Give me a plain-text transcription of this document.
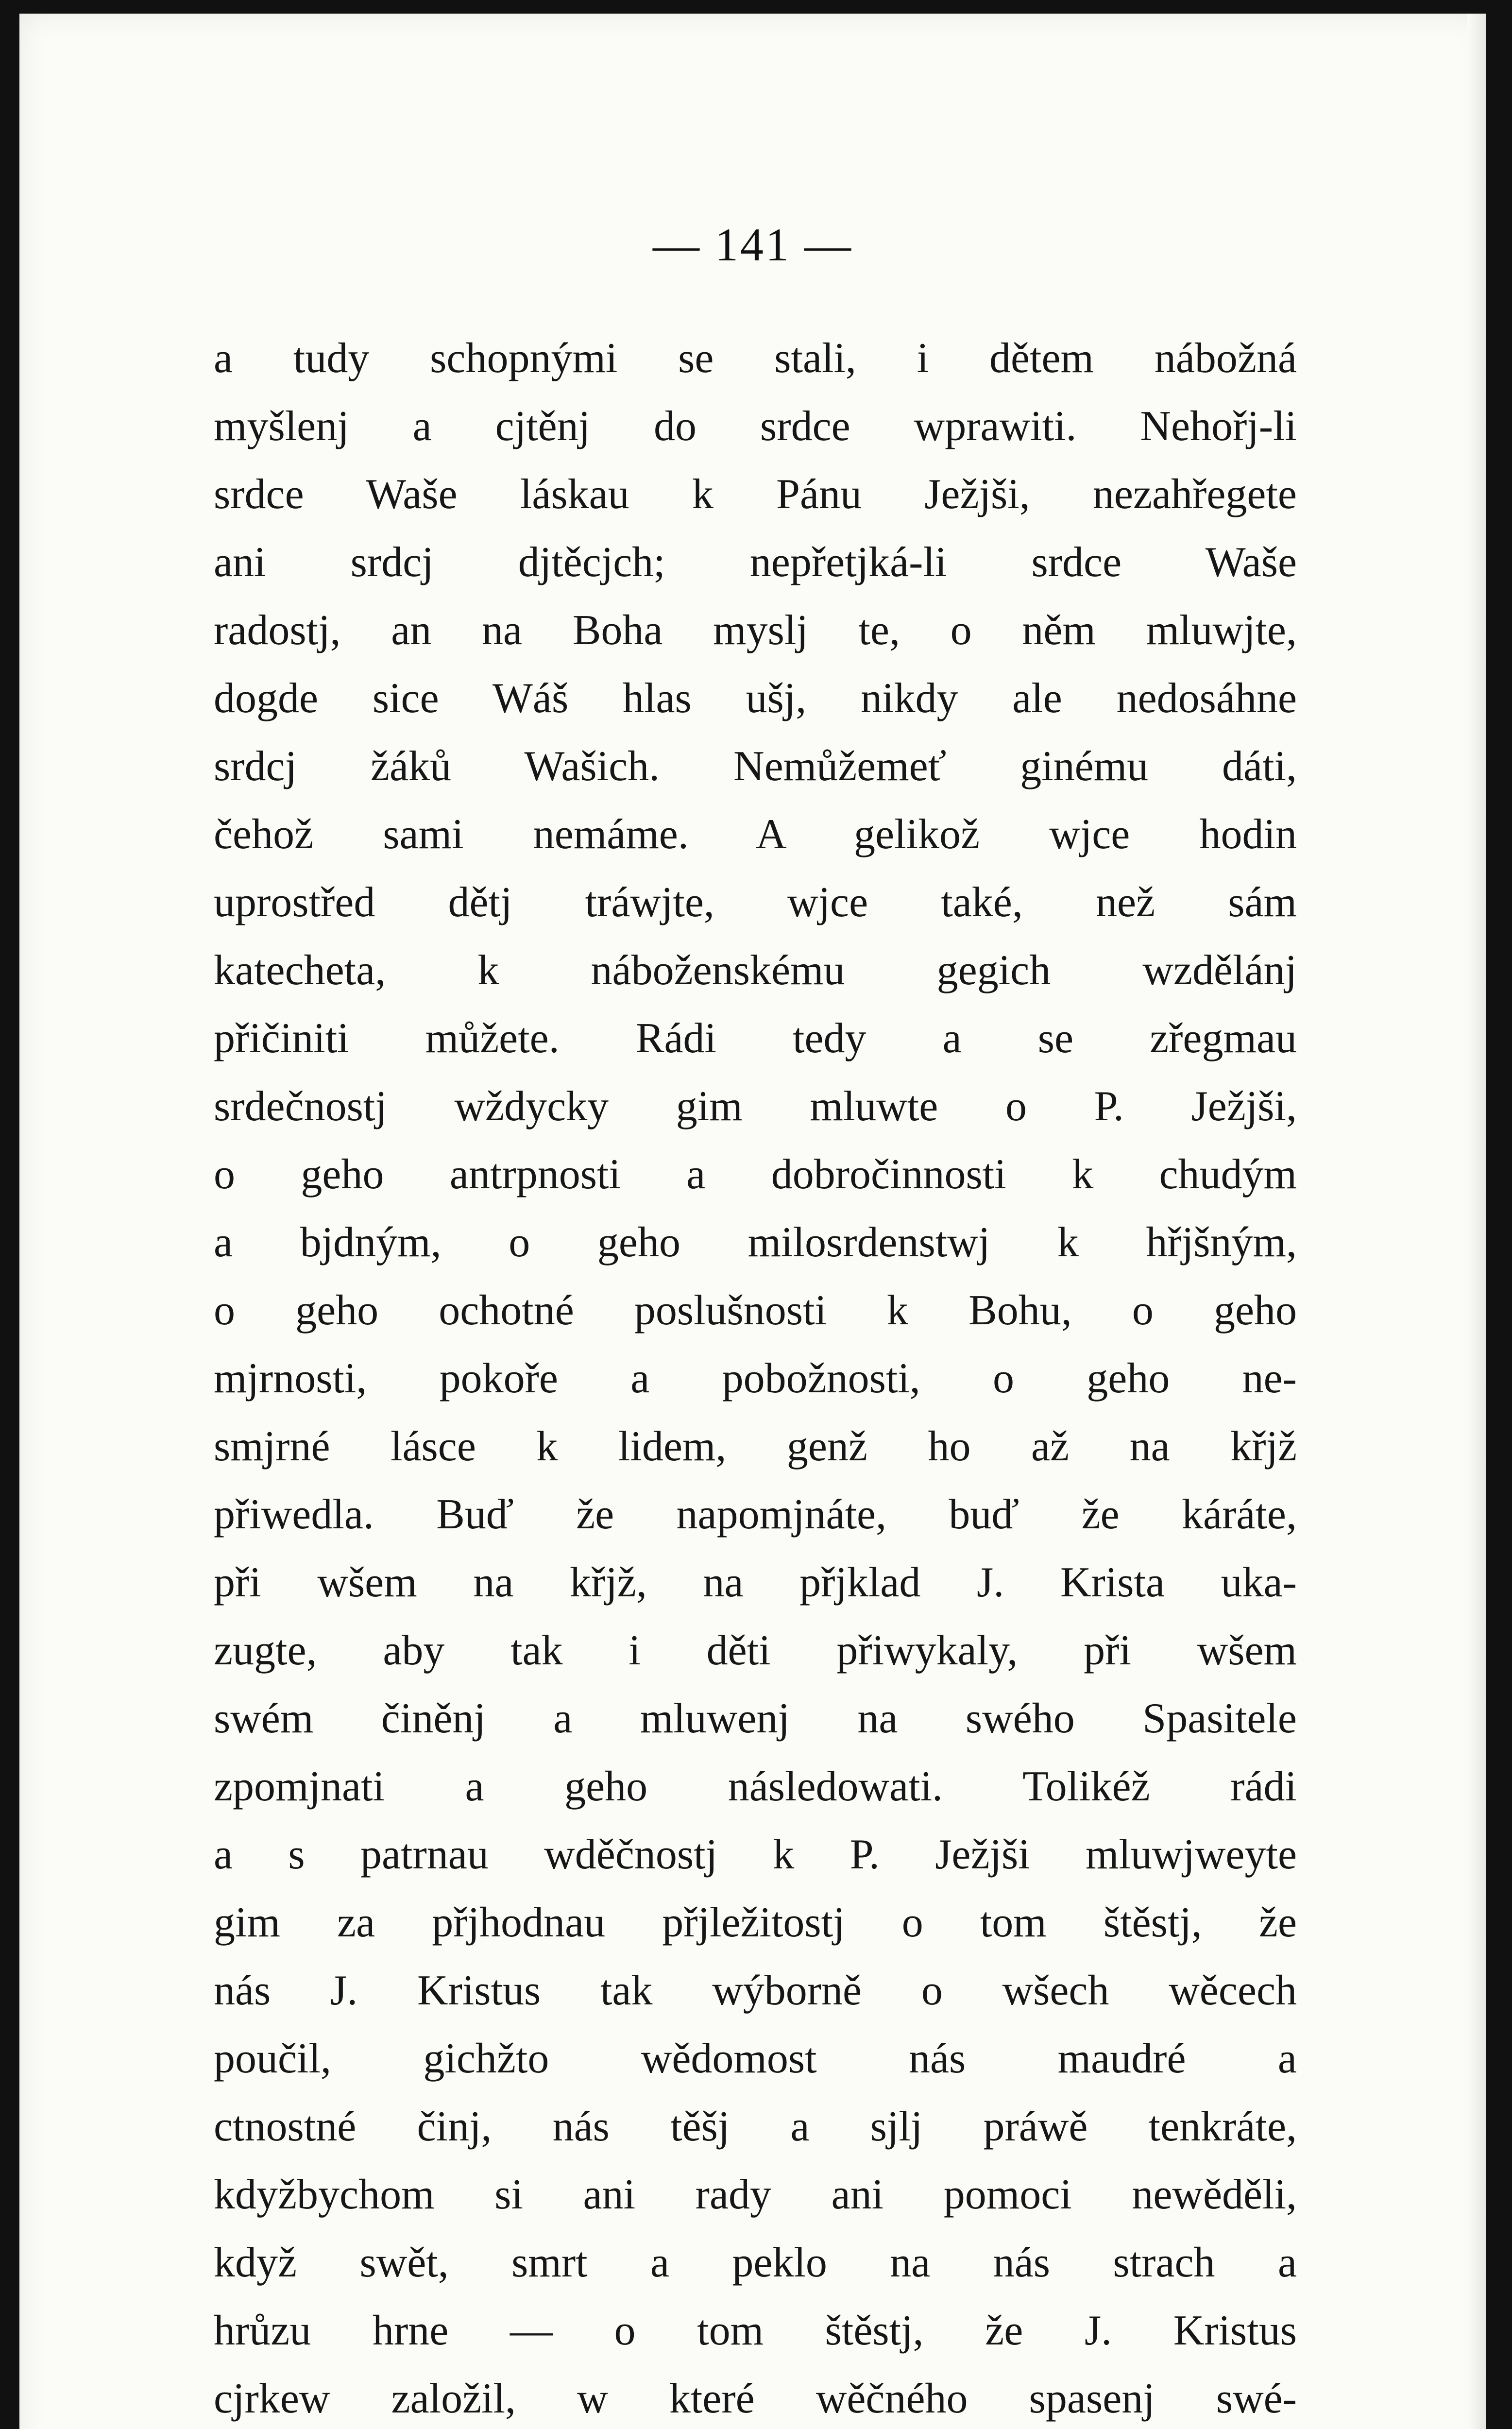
— 141 —
a tudy schopnými se stali, i dětem nábožná
myšlenj a cjtěnj do srdce wprawiti. Nehořj-li
srdce Waše láskau k Pánu Ježjši, nezahřegete
ani srdcj djtěcjch; nepřetjká-li srdce Waše
radostj, an na Boha myslj te, o něm mluwjte,
dogde sice Wáš hlas ušj, nikdy ale nedosáhne
srdcj žáků Wašich. Nemůžemeť ginému dáti,
čehož sami nemáme. A gelikož wjce hodin
uprostřed dětj tráwjte, wjce také, než sám
katecheta, k náboženskému gegich wzdělánj
přičiniti můžete. Rádi tedy a se zřegmau
srdečnostj wždycky gim mluwte o P. Ježjši,
o geho antrpnosti a dobročinnosti k chudým
a bjdným, o geho milosrdenstwj k hřjšným,
o geho ochotné poslušnosti k Bohu, o geho
mjrnosti, pokoře a pobožnosti, o geho ne-
smjrné lásce k lidem, genž ho až na křjž
přiwedla. Buď že napomjnáte, buď že káráte,
při wšem na křjž, na přjklad J. Krista uka-
zugte, aby tak i děti přiwykaly, při wšem
swém činěnj a mluwenj na swého Spasitele
zpomjnati a geho následowati. Tolikéž rádi
a s patrnau wděčnostj k P. Ježjši mluwjweyte
gim za přjhodnau přjležitostj o tom štěstj, že
nás J. Kristus tak wýborně o wšech wěcech
poučil, gichžto wědomost nás maudré a
ctnostné činj, nás těšj a sjlj práwě tenkráte,
kdyžbychom si ani rady ani pomoci newěděli,
když swět, smrt a peklo na nás strach a
hrůzu hrne — o tom štěstj, že J. Kristus
cjrkew založil, w které wěčného spasenj swé-
